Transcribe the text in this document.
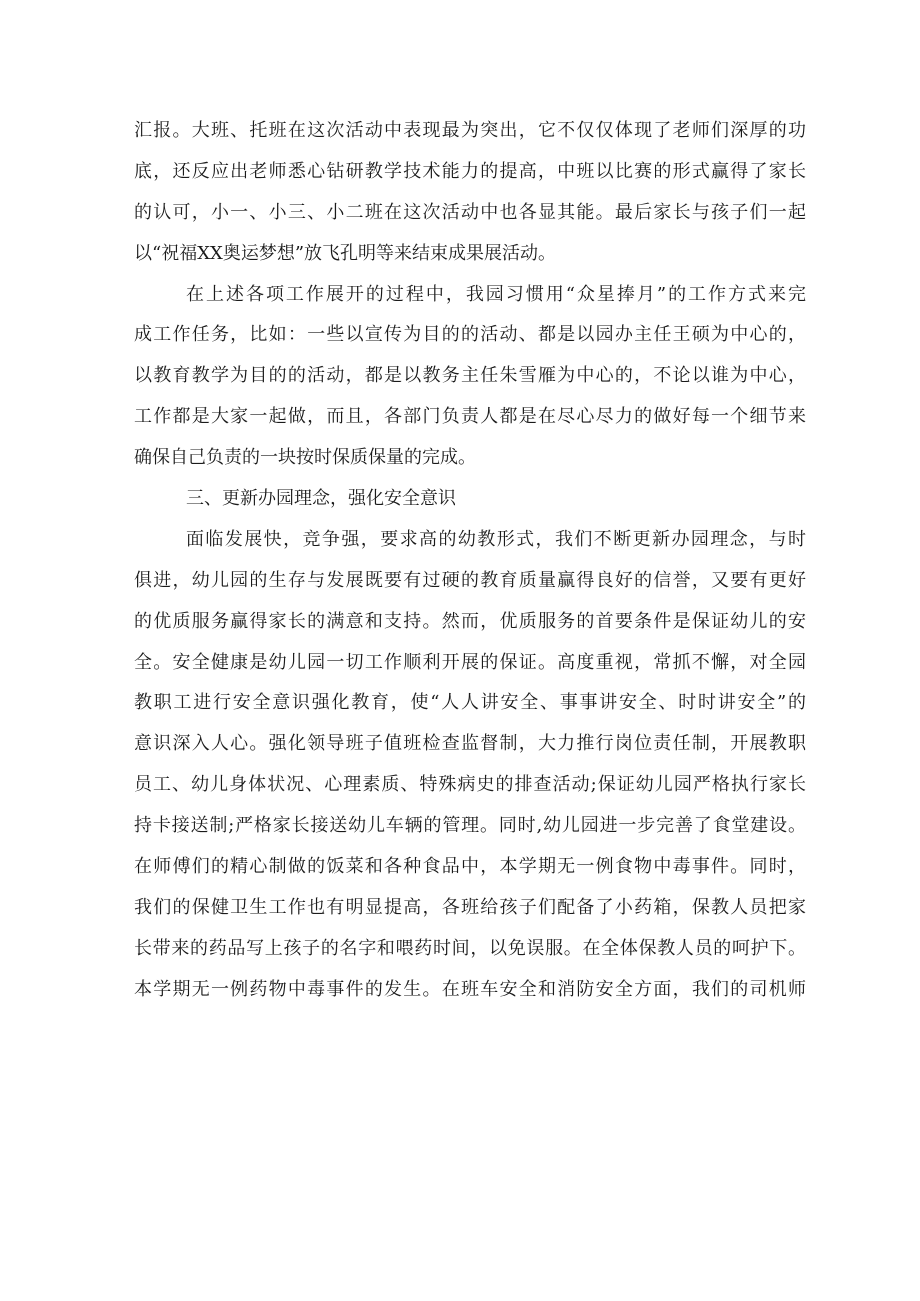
汇报。大班、托班在这次活动中表现最为突出，它不仅仅体现了老师们深厚的功
底，还反应出老师悉心钻研教学技术能力的提高，中班以比赛的形式赢得了家长
的认可，小一、小三、小二班在这次活动中也各显其能。最后家长与孩子们一起
以“祝福XX奥运梦想”放飞孔明等来结束成果展活动。
在上述各项工作展开的过程中，我园习惯用“众星捧月”的工作方式来完
成工作任务，比如：一些以宣传为目的的活动、都是以园办主任王硕为中心的，
以教育教学为目的的活动，都是以教务主任朱雪雁为中心的，不论以谁为中心，
工作都是大家一起做，而且，各部门负责人都是在尽心尽力的做好每一个细节来
确保自己负责的一块按时保质保量的完成。
三、更新办园理念，强化安全意识
面临发展快，竞争强，要求高的幼教形式，我们不断更新办园理念，与时
俱进，幼儿园的生存与发展既要有过硬的教育质量赢得良好的信誉，又要有更好
的优质服务赢得家长的满意和支持。然而，优质服务的首要条件是保证幼儿的安
全。安全健康是幼儿园一切工作顺利开展的保证。高度重视，常抓不懈，对全园
教职工进行安全意识强化教育，使“人人讲安全、事事讲安全、时时讲安全”的
意识深入人心。强化领导班子值班检查监督制，大力推行岗位责任制，开展教职
员工、幼儿身体状况、心理素质、特殊病史的排查活动;保证幼儿园严格执行家长
持卡接送制;严格家长接送幼儿车辆的管理。同时,幼儿园进一步完善了食堂建设。
在师傅们的精心制做的饭菜和各种食品中，本学期无一例食物中毒事件。同时，
我们的保健卫生工作也有明显提高，各班给孩子们配备了小药箱，保教人员把家
长带来的药品写上孩子的名字和喂药时间，以免误服。在全体保教人员的呵护下。
本学期无一例药物中毒事件的发生。在班车安全和消防安全方面，我们的司机师
